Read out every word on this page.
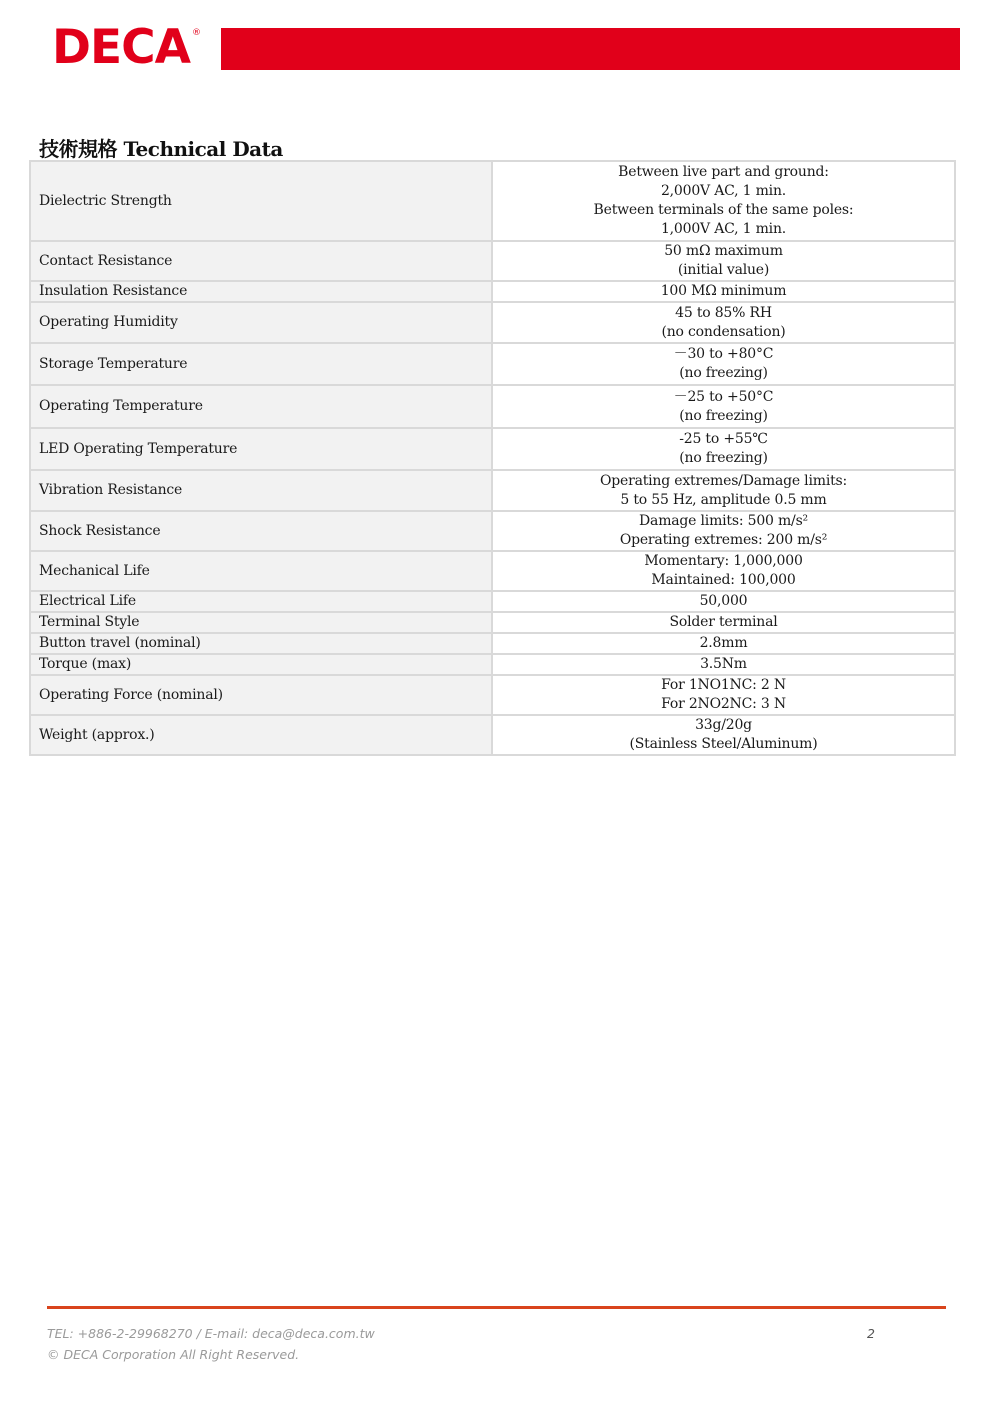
DECA ®
技術規格 Technical Data
Dielectric Strength	Between live part and ground:
2,000V AC, 1 min.
Between terminals of the same poles:
1,000V AC, 1 min.

Contact Resistance	50 mΩ maximum
(initial value)

Insulation Resistance	100 MΩ minimum

Operating Humidity	45 to 85% RH
(no condensation)

Storage Temperature	－30 to +80°C
(no freezing)

Operating Temperature	－25 to +50°C
(no freezing)

LED Operating Temperature	-25 to +55℃
(no freezing)

Vibration Resistance	Operating extremes/Damage limits:
5 to 55 Hz, amplitude 0.5 mm

Shock Resistance	Damage limits: 500 m/s²
Operating extremes: 200 m/s²

Mechanical Life	Momentary: 1,000,000
Maintained: 100,000

Electrical Life	50,000

Terminal Style	Solder terminal

Button travel (nominal)	2.8mm

Torque (max)	3.5Nm

Operating Force (nominal)	For 1NO1NC: 2 N
For 2NO2NC: 3 N

Weight (approx.)	33g/20g
(Stainless Steel/Aluminum)
TEL: +886-2-29968270 / E-mail: deca@deca.com.tw
© DECA Corporation All Right Reserved.
2
